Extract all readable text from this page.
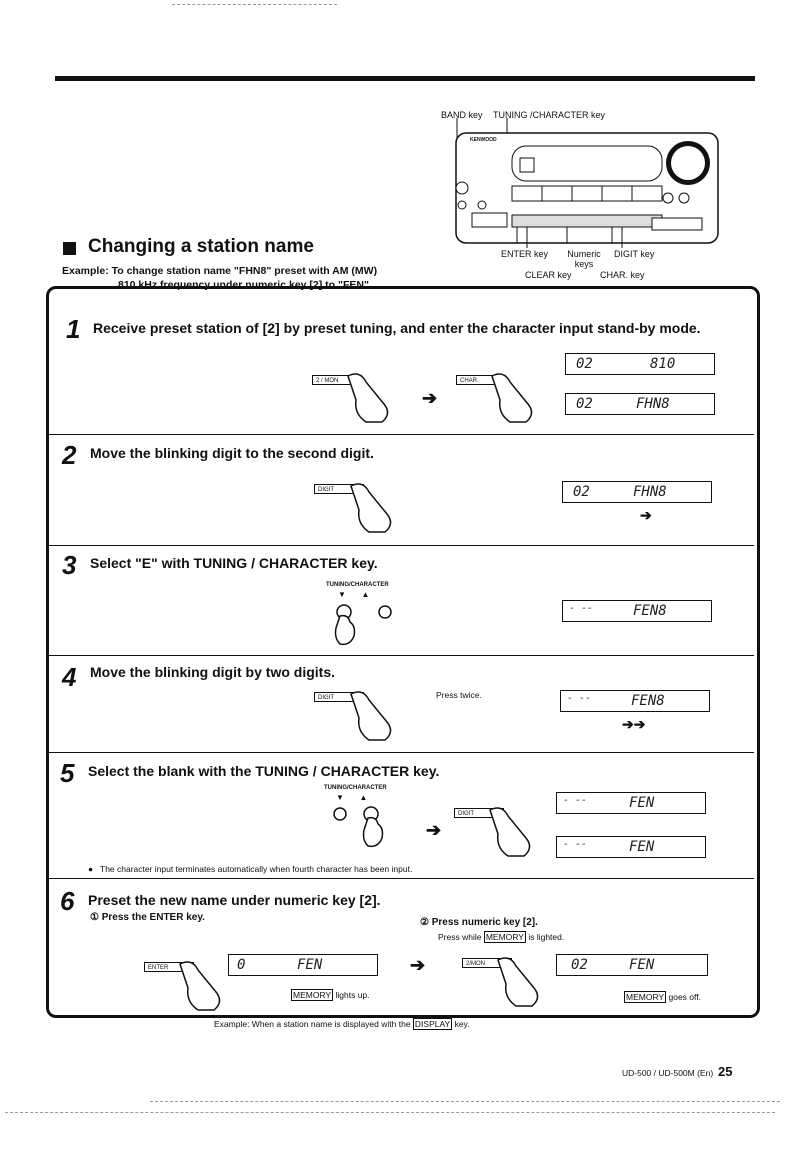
BAND key TUNING /CHARACTER key
KENWOOD
ENTER key	Numeric keys
DIGIT key
CLEAR key	CHAR. key
Changing a station name
Example: To change station name "FHN8" preset with AM (MW)
810 kHz frequency under numeric key [2] to "FEN".
1 Receive preset station of [2] by preset tuning, and enter the character input stand-by mode.
2 / MON
➔
CHAR.
02	810
02	FHN8
2 Move the blinking digit to the second digit.
DIGIT	02	FHN8
➔
3 Select "E" with TUNING / CHARACTER key.
TUNING/CHARACTER
▼       ▲
- --	FEN8
4 Move the blinking digit by two digits.
DIGIT	Press twice.	- --	FEN8
➔➔
5 Select the blank with the TUNING / CHARACTER key.
TUNING/CHARACTER
▼       ▲
➔
DIGIT
- --	FEN
- --	FEN
● The character input terminates automatically when fourth character has been input.
6 Preset the new name under numeric key [2].
① Press the ENTER key.	② Press numeric key [2].
Press while MEMORY is lighted.
ENTER	0	FEN
MEMORY lights up.
➔	2/MON	02	FEN
MEMORY goes off.
Example: When a station name is displayed with the DISPLAY key.
UD-500 / UD-500M (En) 25
